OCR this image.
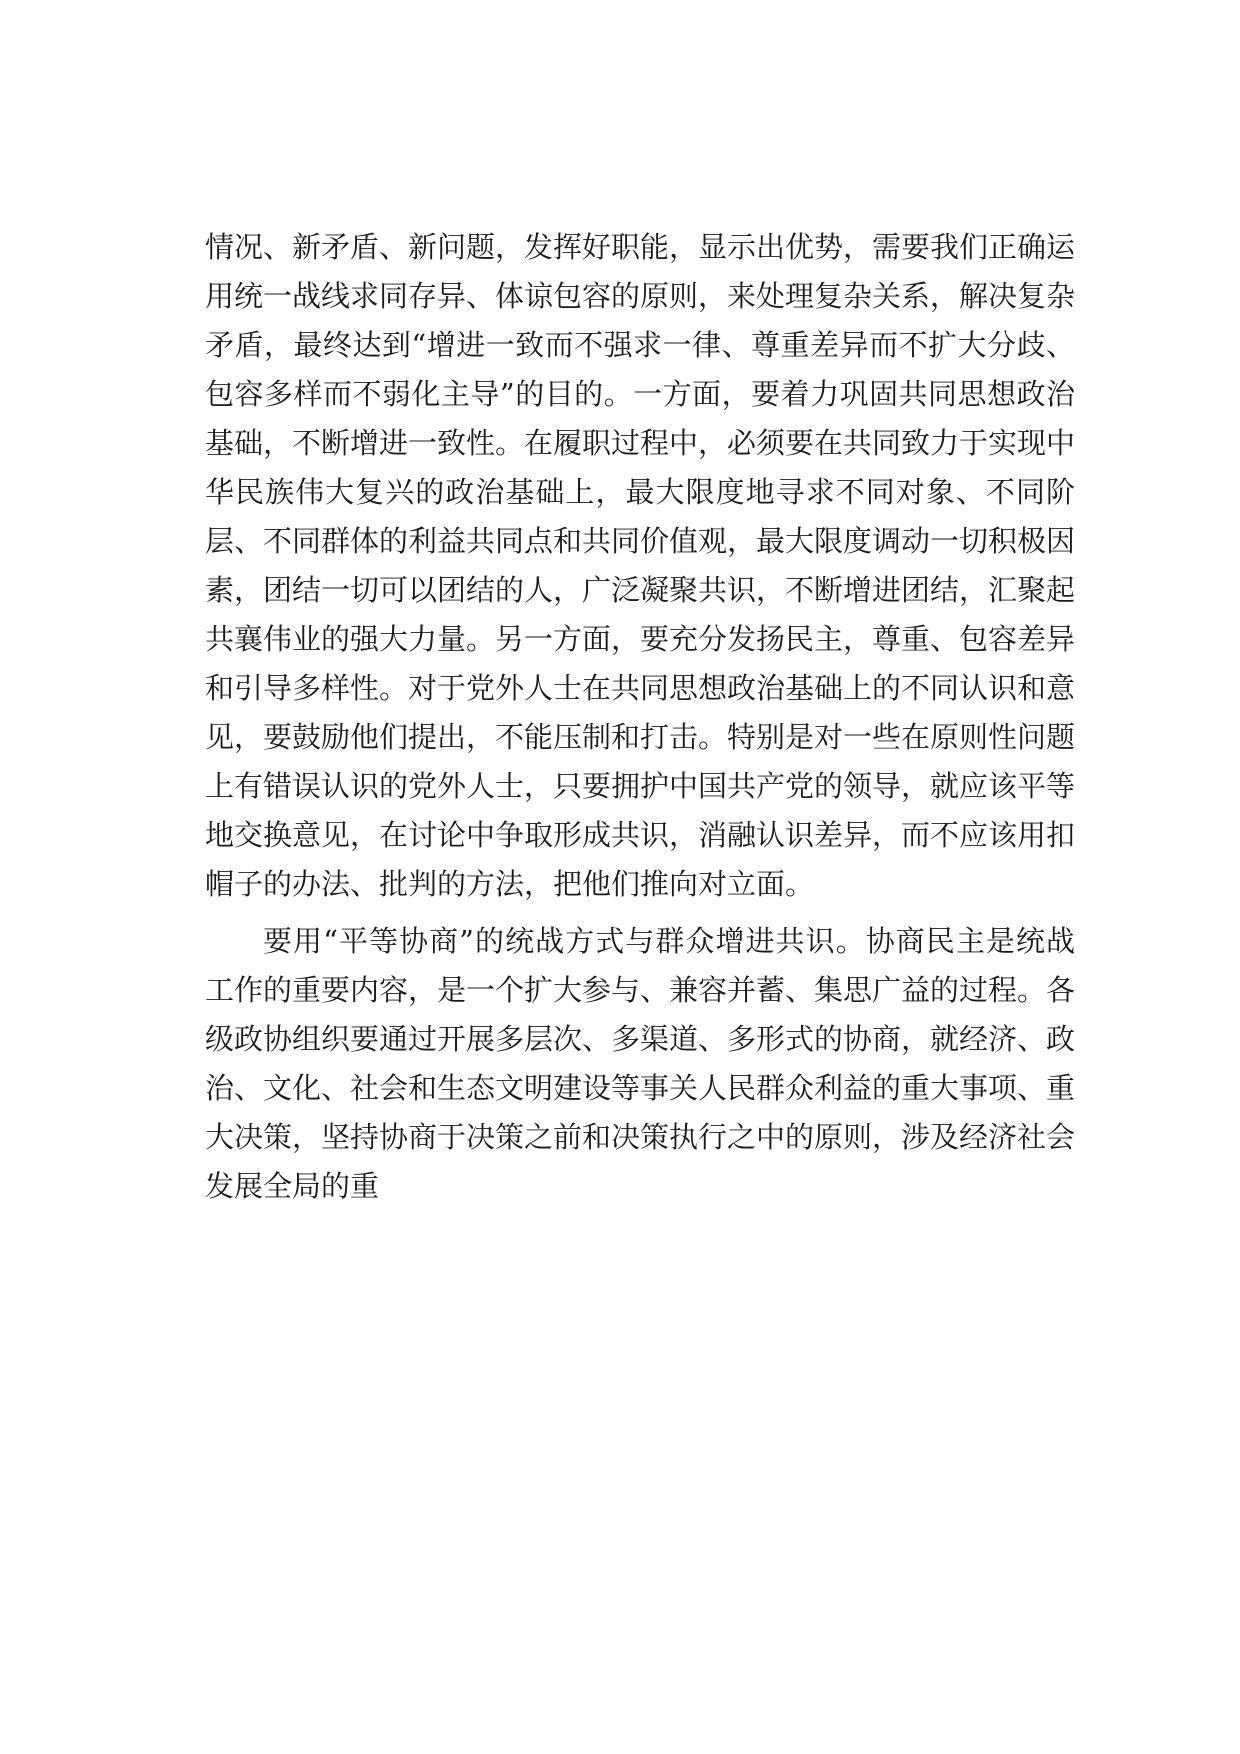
情况、新矛盾、新问题，发挥好职能，显示出优势，需要我们正确运用统一战线求同存异、体谅包容的原则，来处理复杂关系，解决复杂矛盾，最终达到“增进一致而不强求一律、尊重差异而不扩大分歧、包容多样而不弱化主导”的目的。一方面，要着力巩固共同思想政治基础，不断增进一致性。在履职过程中，必须要在共同致力于实现中华民族伟大复兴的政治基础上，最大限度地寻求不同对象、不同阶层、不同群体的利益共同点和共同价值观，最大限度调动一切积极因素，团结一切可以团结的人，广泛凝聚共识，不断增进团结，汇聚起共襄伟业的强大力量。另一方面，要充分发扬民主，尊重、包容差异和引导多样性。对于党外人士在共同思想政治基础上的不同认识和意见，要鼓励他们提出，不能压制和打击。特别是对一些在原则性问题上有错误认识的党外人士，只要拥护中国共产党的领导，就应该平等地交换意见，在讨论中争取形成共识，消融认识差异，而不应该用扣帽子的办法、批判的方法，把他们推向对立面。

要用“平等协商”的统战方式与群众增进共识。协商民主是统战工作的重要内容，是一个扩大参与、兼容并蓄、集思广益的过程。各级政协组织要通过开展多层次、多渠道、多形式的协商，就经济、政治、文化、社会和生态文明建设等事关人民群众利益的重大事项、重大决策，坚持协商于决策之前和决策执行之中的原则，涉及经济社会发展全局的重
